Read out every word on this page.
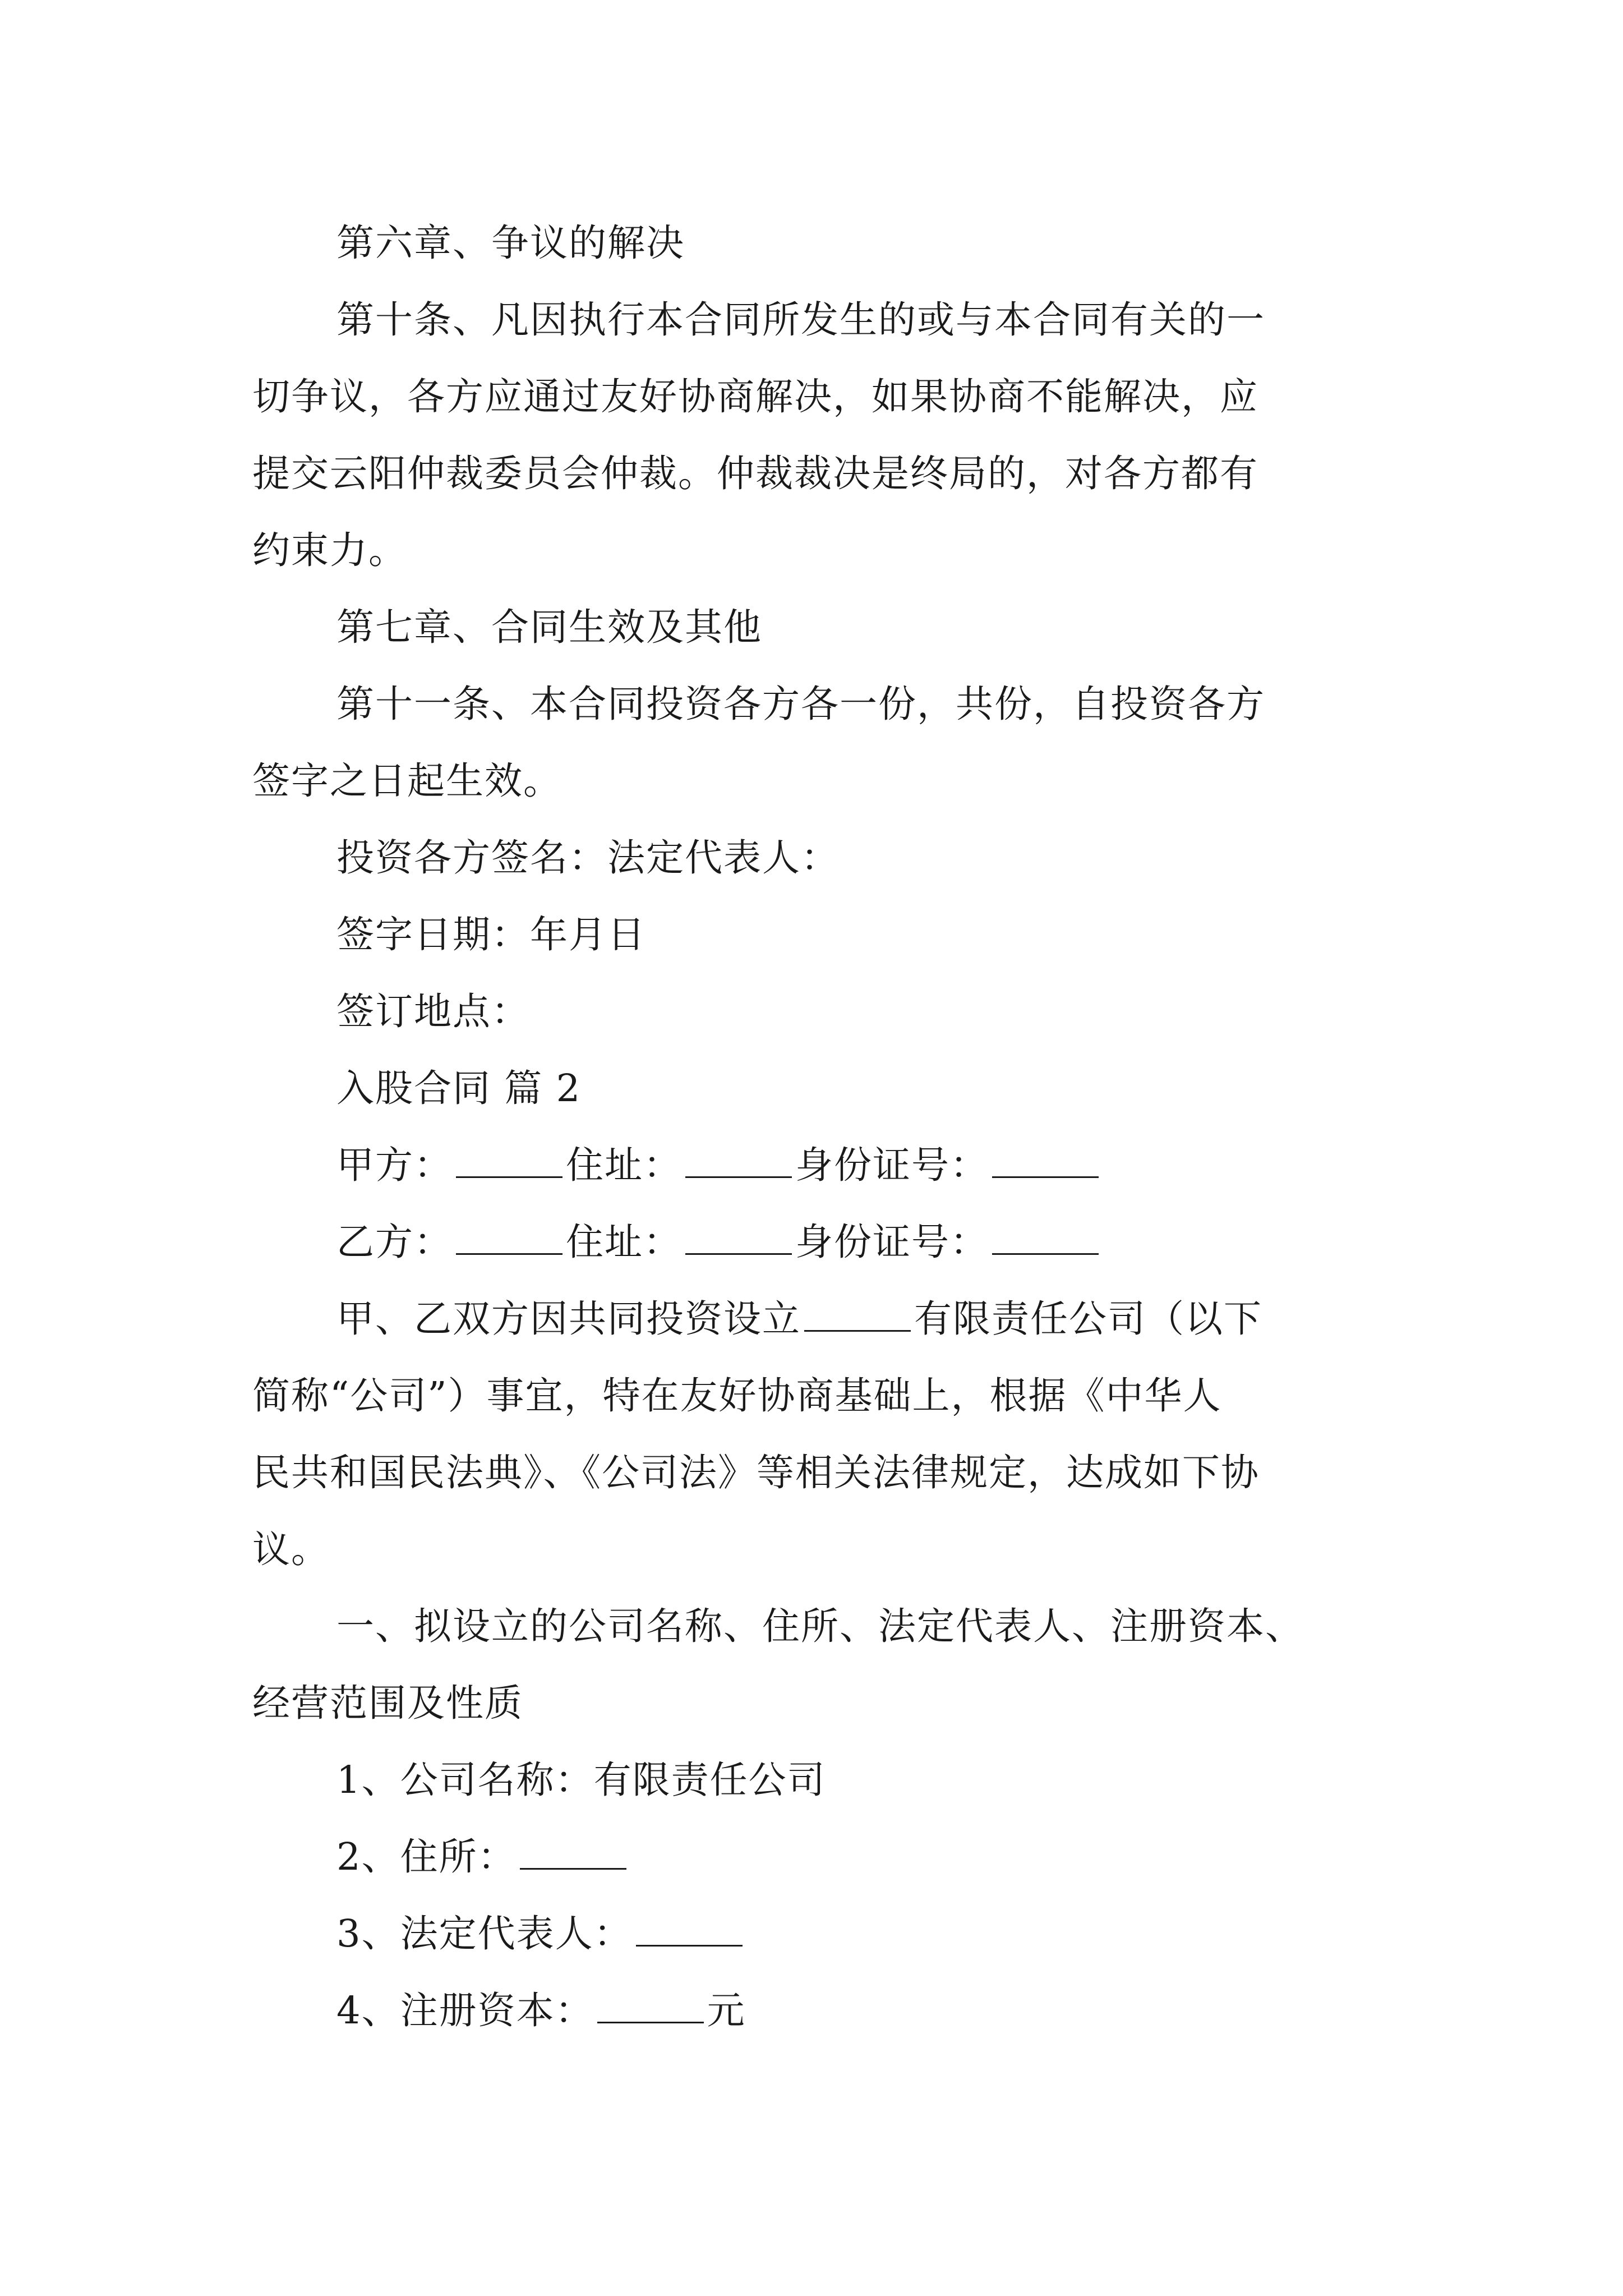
第六章、争议的解决
第十条、凡因执行本合同所发生的或与本合同有关的一
切争议，各方应通过友好协商解决，如果协商不能解决，应
提交云阳仲裁委员会仲裁。仲裁裁决是终局的，对各方都有
约束力。
第七章、合同生效及其他
第十一条、本合同投资各方各一份，共份，自投资各方
签字之日起生效。
投资各方签名：法定代表人：
签字日期：年月日
签订地点：
入股合同 篇 2
甲方：	住址：	身份证号：
乙方：	住址：	身份证号：
甲、乙双方因共同投资设立	有限责任公司（以下
简称“公司”）事宜，特在友好协商基础上，根据《中华人
民共和国民法典》、《公司法》等相关法律规定，达成如下协
议。
一、拟设立的公司名称、住所、法定代表人、注册资本、
经营范围及性质
1、公司名称：有限责任公司
2、住所：
3、法定代表人：
4、注册资本：	元
